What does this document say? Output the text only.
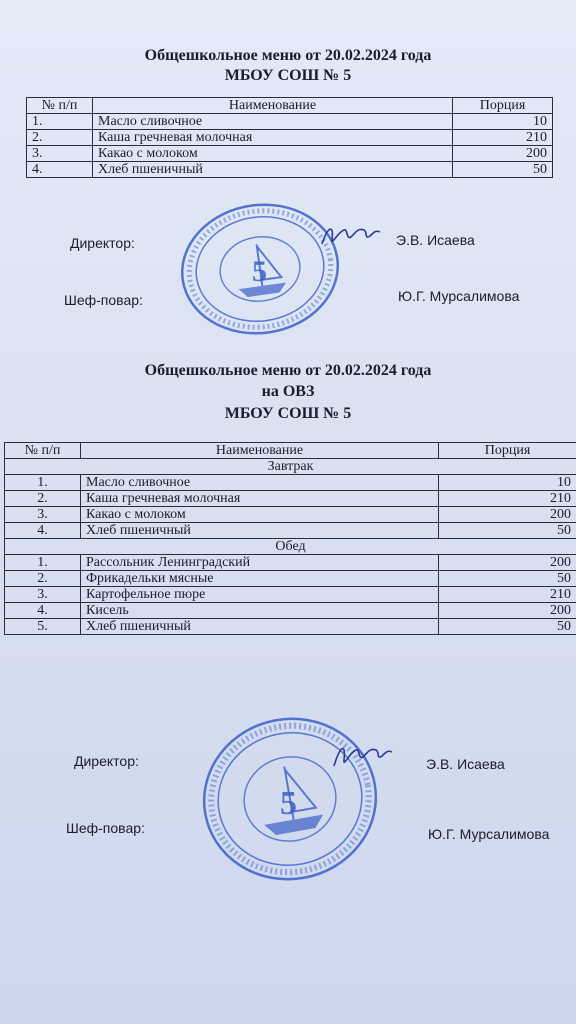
Общешкольное меню от 20.02.2024 года
МБОУ СОШ № 5
№ п/п	Наименование	Порция
1.	Масло сливочное	10
2.	Каша гречневая молочная	210
3.	Какао с молоком	200
4.	Хлеб пшеничный	50
Директор:	Э.В. Исаева
Шеф-повар:	Ю.Г. Мурсалимова
5
Общешкольное меню от 20.02.2024 года
на ОВЗ
МБОУ СОШ № 5
№ п/п	Наименование	Порция
Завтрак		
1.	Масло сливочное	10
2.	Каша гречневая молочная	210
3.	Какао с молоком	200
4.	Хлеб пшеничный	50
Обед		
1.	Рассольник Ленинградский	200
2.	Фрикадельки мясные	50
3.	Картофельное пюре	210
4.	Кисель	200
5.	Хлеб пшеничный	50
Директор:	Э.В. Исаева
Шеф-повар:	Ю.Г. Мурсалимова
5
